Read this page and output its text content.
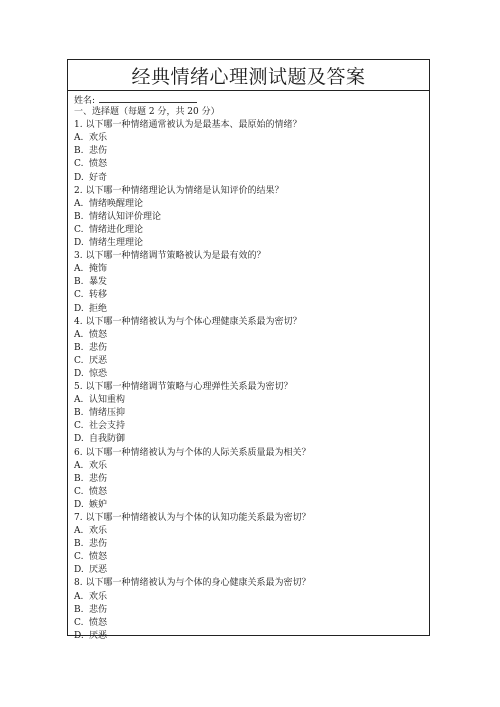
经典情绪心理测试题及答案
姓名:
一、选择题（每题 2 分，共 20 分）
1. 以下哪一种情绪通常被认为是最基本、最原始的情绪？
A. 欢乐
B. 悲伤
C. 愤怒
D. 好奇
2. 以下哪一种情绪理论认为情绪是认知评价的结果？
A. 情绪唤醒理论
B. 情绪认知评价理论
C. 情绪进化理论
D. 情绪生理理论
3. 以下哪一种情绪调节策略被认为是最有效的？
A. 掩饰
B. 暴发
C. 转移
D. 拒绝
4. 以下哪一种情绪被认为与个体心理健康关系最为密切？
A. 愤怒
B. 悲伤
C. 厌恶
D. 惊恐
5. 以下哪一种情绪调节策略与心理弹性关系最为密切？
A. 认知重构
B. 情绪压抑
C. 社会支持
D. 自我防御
6. 以下哪一种情绪被认为与个体的人际关系质量最为相关？
A. 欢乐
B. 悲伤
C. 愤怒
D. 嫉妒
7. 以下哪一种情绪被认为与个体的认知功能关系最为密切？
A. 欢乐
B. 悲伤
C. 愤怒
D. 厌恶
8. 以下哪一种情绪被认为与个体的身心健康关系最为密切？
A. 欢乐
B. 悲伤
C. 愤怒
D. 厌恶
